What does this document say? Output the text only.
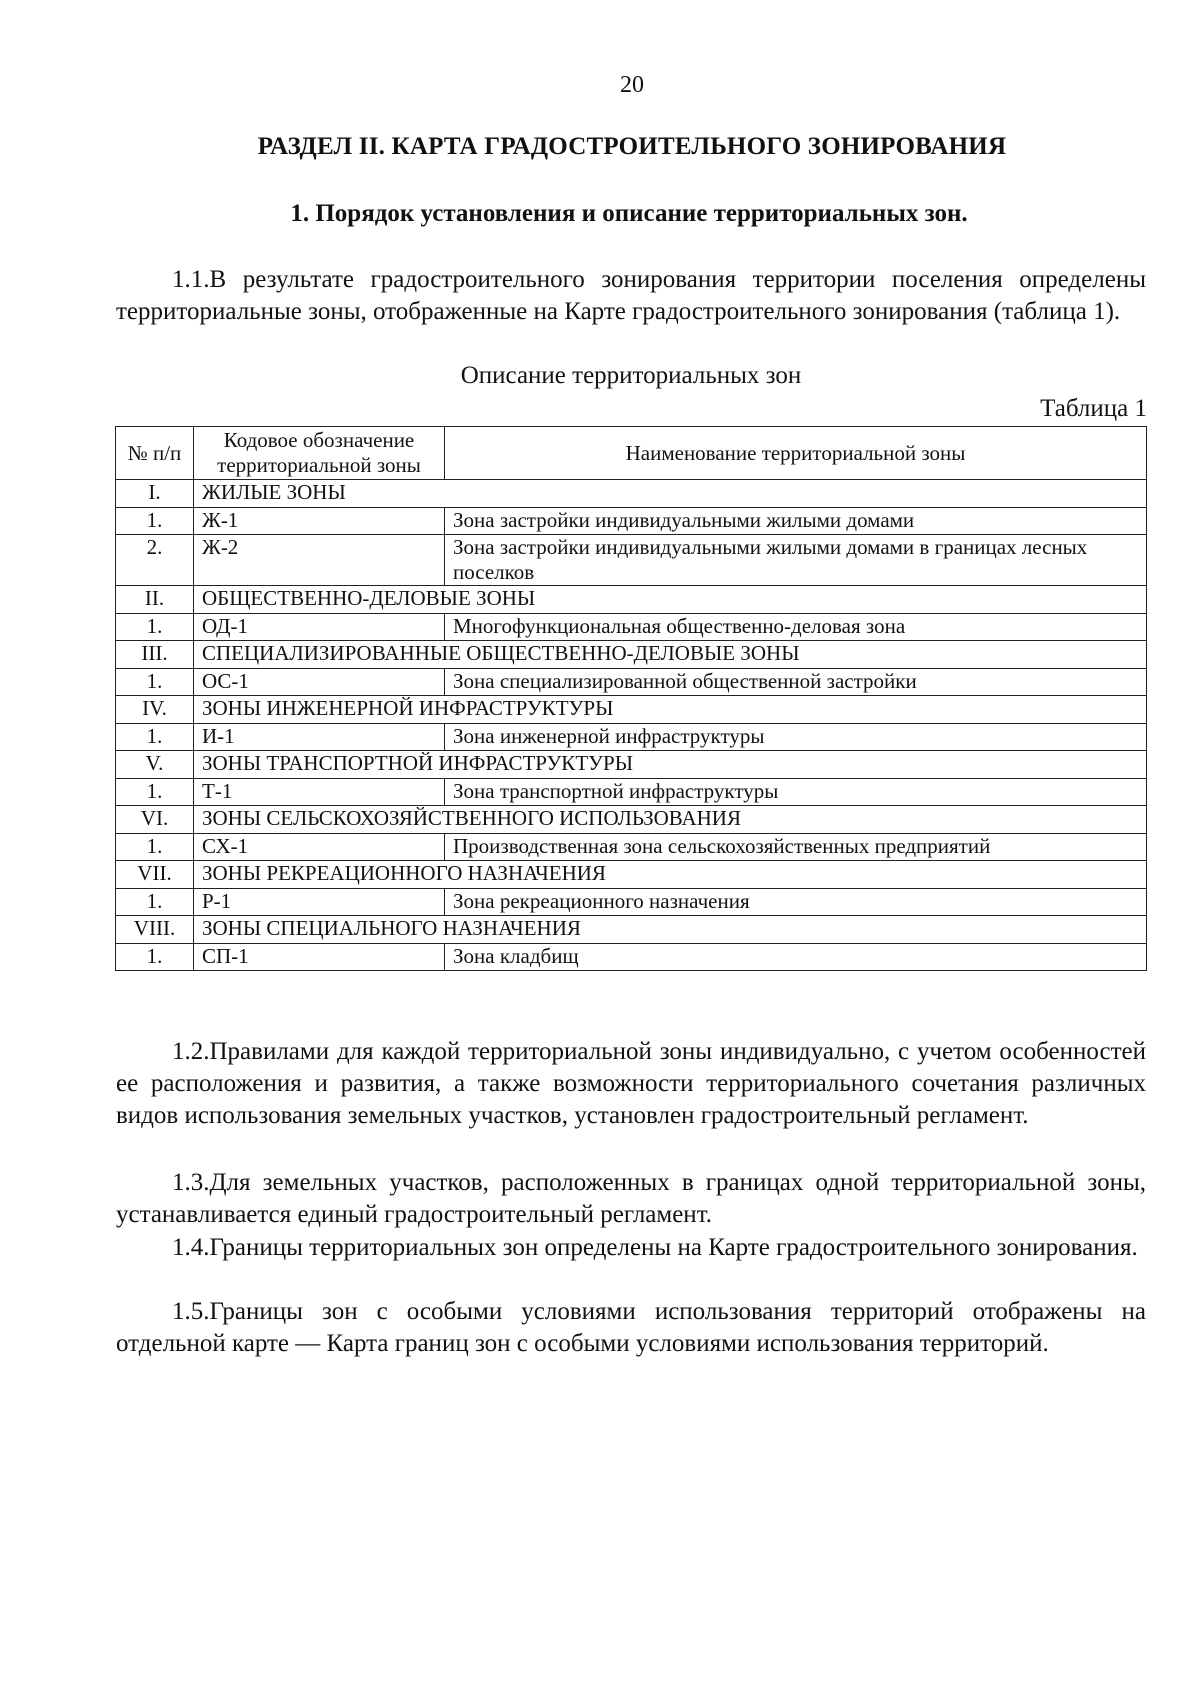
20
РАЗДЕЛ II. КАРТА ГРАДОСТРОИТЕЛЬНОГО ЗОНИРОВАНИЯ
1. Порядок установления и описание территориальных зон.
1.1.В результате градостроительного зонирования территории поселения определены территориальные зоны, отображенные на Карте градостроительного зонирования (таблица 1).
Описание территориальных зон
Таблица 1
№ п/п	Кодовое обозначение территориальной зоны	Наименование территориальной зоны
I.	ЖИЛЫЕ ЗОНЫ	
1.	Ж-1	Зона застройки индивидуальными жилыми домами
2.	Ж-2	Зона застройки индивидуальными жилыми домами в границах лесных поселков
II.	ОБЩЕСТВЕННО-ДЕЛОВЫЕ ЗОНЫ	
1.	ОД-1	Многофункциональная общественно-деловая зона
III.	СПЕЦИАЛИЗИРОВАННЫЕ ОБЩЕСТВЕННО-ДЕЛОВЫЕ ЗОНЫ	
1.	ОС-1	Зона специализированной общественной застройки
IV.	ЗОНЫ ИНЖЕНЕРНОЙ ИНФРАСТРУКТУРЫ	
1.	И-1	Зона инженерной инфраструктуры
V.	ЗОНЫ ТРАНСПОРТНОЙ ИНФРАСТРУКТУРЫ	
1.	Т-1	Зона транспортной инфраструктуры
VI.	ЗОНЫ СЕЛЬСКОХОЗЯЙСТВЕННОГО ИСПОЛЬЗОВАНИЯ	
1.	СХ-1	Производственная зона сельскохозяйственных предприятий
VII.	ЗОНЫ РЕКРЕАЦИОННОГО НАЗНАЧЕНИЯ	
1.	Р-1	Зона рекреационного назначения
VIII.	ЗОНЫ СПЕЦИАЛЬНОГО НАЗНАЧЕНИЯ	
1.	СП-1	Зона кладбищ
1.2.Правилами для каждой территориальной зоны индивидуально, с учетом особенностей ее расположения и развития, а также возможности территориального сочетания различных видов использования земельных участков, установлен градостроительный регламент.
1.3.Для земельных участков, расположенных в границах одной территориальной зоны, устанавливается единый градостроительный регламент.
1.4.Границы территориальных зон определены на Карте градостроительного зонирования.
1.5.Границы зон с особыми условиями использования территорий отображены на отдельной карте — Карта границ зон с особыми условиями использования территорий.
